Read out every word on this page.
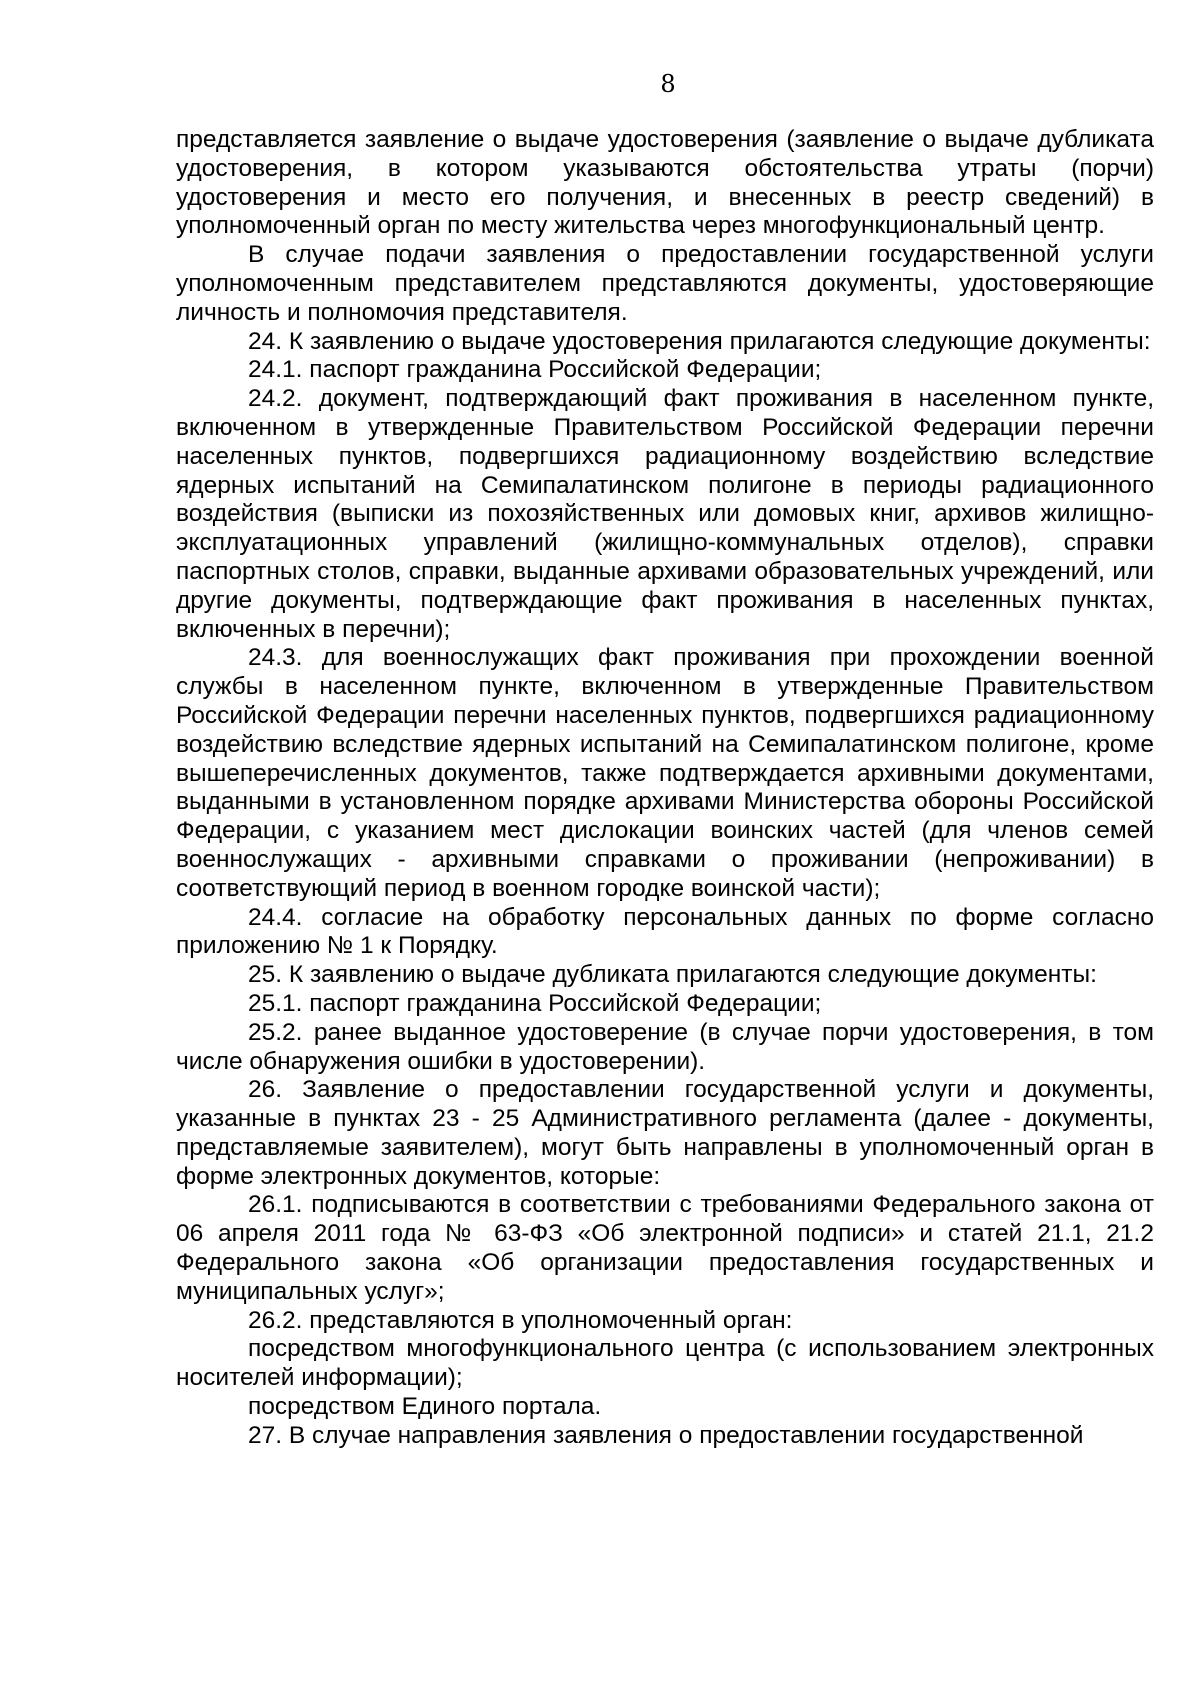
8

представляется заявление о выдаче удостоверения (заявление о выдаче дубликата удостоверения, в котором указываются обстоятельства утраты (порчи) удостоверения и место его получения, и внесенных в реестр сведений) в уполномоченный орган по месту жительства через многофункциональный центр.

В случае подачи заявления о предоставлении государственной услуги уполномоченным представителем представляются документы, удостоверяющие личность и полномочия представителя.

24. К заявлению о выдаче удостоверения прилагаются следующие документы:

24.1. паспорт гражданина Российской Федерации;

24.2. документ, подтверждающий факт проживания в населенном пункте, включенном в утвержденные Правительством Российской Федерации перечни населенных пунктов, подвергшихся радиационному воздействию вследствие ядерных испытаний на Семипалатинском полигоне в периоды радиационного воздействия (выписки из похозяйственных или домовых книг, архивов жилищно-эксплуатационных управлений (жилищно-коммунальных отделов), справки паспортных столов, справки, выданные архивами образовательных учреждений, или другие документы, подтверждающие факт проживания в населенных пунктах, включенных в перечни);

24.3. для военнослужащих факт проживания при прохождении военной службы в населенном пункте, включенном в утвержденные Правительством Российской Федерации перечни населенных пунктов, подвергшихся радиационному воздействию вследствие ядерных испытаний на Семипалатинском полигоне, кроме вышеперечисленных документов, также подтверждается архивными документами, выданными в установленном порядке архивами Министерства обороны Российской Федерации, с указанием мест дислокации воинских частей (для членов семей военнослужащих - архивными справками о проживании (непроживании) в соответствующий период в военном городке воинской части);

24.4. согласие на обработку персональных данных по форме согласно приложению № 1 к Порядку.

25. К заявлению о выдаче дубликата прилагаются следующие документы:

25.1. паспорт гражданина Российской Федерации;

25.2. ранее выданное удостоверение (в случае порчи удостоверения, в том числе обнаружения ошибки в удостоверении).

26. Заявление о предоставлении государственной услуги и документы, указанные в пунктах 23 - 25 Административного регламента (далее - документы, представляемые заявителем), могут быть направлены в уполномоченный орган в форме электронных документов, которые:

26.1. подписываются в соответствии с требованиями Федерального закона от 06 апреля 2011 года № 63-ФЗ «Об электронной подписи» и статей 21.1, 21.2 Федерального закона «Об организации предоставления государственных и муниципальных услуг»;

26.2. представляются в уполномоченный орган:

посредством многофункционального центра (с использованием электронных носителей информации);

посредством Единого портала.

27. В случае направления заявления о предоставлении государственной
